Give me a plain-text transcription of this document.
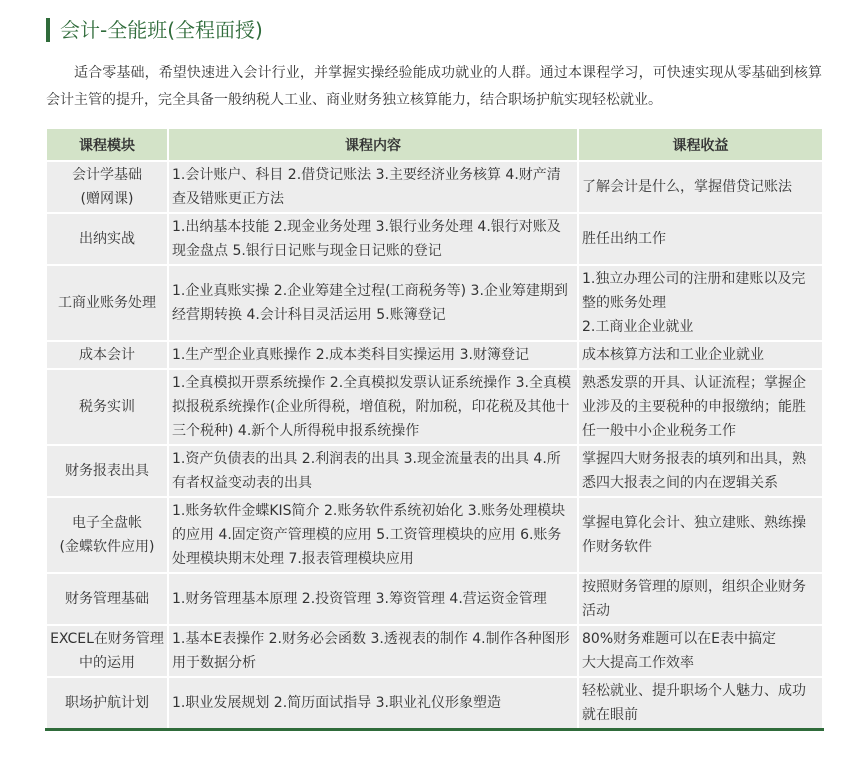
会计-全能班(全程面授)
适合零基础，希望快速进入会计行业，并掌握实操经验能成功就业的人群。通过本课程学习，可快速实现从零基础到核算会计主管的提升，完全具备一般纳税人工业、商业财务独立核算能力，结合职场护航实现轻松就业。
课程模块	课程内容	课程收益
会计学基础
(赠网课)	1.会计账户、科目 2.借贷记账法 3.主要经济业务核算 4.财产清查及错账更正方法	了解会计是什么，掌握借贷记账法
出纳实战	1.出纳基本技能 2.现金业务处理 3.银行业务处理 4.银行对账及现金盘点 5.银行日记账与现金日记账的登记	胜任出纳工作
工商业账务处理	1.企业真账实操 2.企业筹建全过程(工商税务等) 3.企业筹建期到经营期转换 4.会计科目灵活运用 5.账簿登记	1.独立办理公司的注册和建账以及完整的账务处理
2.工商业企业就业
成本会计	1.生产型企业真账操作 2.成本类科目实操运用 3.财簿登记	成本核算方法和工业企业就业
税务实训	1.全真模拟开票系统操作 2.全真模拟发票认证系统操作 3.全真模拟报税系统操作(企业所得税，增值税，附加税，印花税及其他十三个税种) 4.新个人所得税申报系统操作	熟悉发票的开具、认证流程；掌握企业涉及的主要税种的申报缴纳；能胜任一般中小企业税务工作
财务报表出具	1.资产负债表的出具 2.利润表的出具 3.现金流量表的出具 4.所有者权益变动表的出具	掌握四大财务报表的填列和出具，熟悉四大报表之间的内在逻辑关系
电子全盘帐
(金蝶软件应用)	1.账务软件金蝶KIS简介 2.账务软件系统初始化 3.账务处理模块的应用 4.固定资产管理模的应用 5.工资管理模块的应用 6.账务处理模块期末处理 7.报表管理模块应用	掌握电算化会计、独立建账、熟练操作财务软件
财务管理基础	1.财务管理基本原理 2.投资管理 3.筹资管理 4.营运资金管理	按照财务管理的原则，组织企业财务活动
EXCEL在财务管理中的运用	1.基本E表操作 2.财务必会函数 3.透视表的制作 4.制作各种图形用于数据分析	80%财务难题可以在E表中搞定
大大提高工作效率
职场护航计划	1.职业发展规划 2.简历面试指导 3.职业礼仪形象塑造	轻松就业、提升职场个人魅力、成功就在眼前
